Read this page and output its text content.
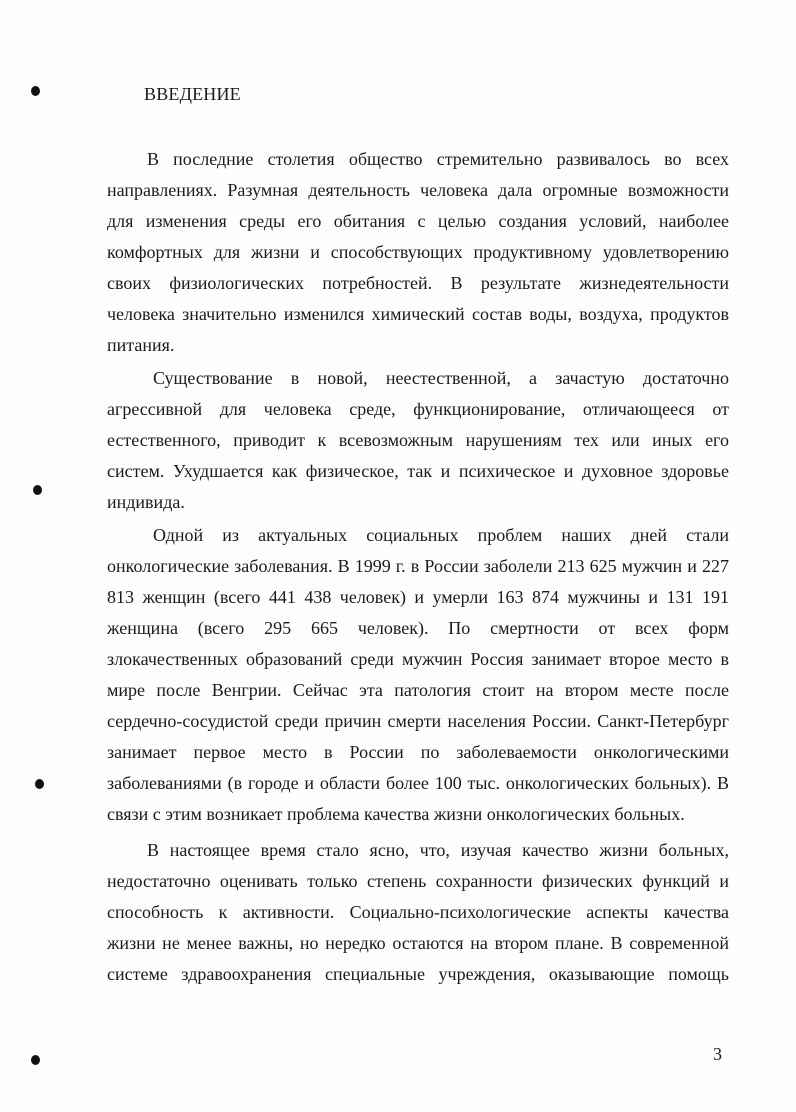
ВВЕДЕНИЕ
В последние столетия общество стремительно развивалось во всех
направлениях. Разумная деятельность человека дала огромные возможности
для изменения среды его обитания с целью создания условий, наиболее
комфортных для жизни и способствующих продуктивному удовлетворению
своих физиологических потребностей. В результате жизнедеятельности
человека значительно изменился химический состав воды, воздуха, продуктов
питания.
Существование в новой, неестественной, а зачастую достаточно
агрессивной для человека среде, функционирование, отличающееся от
естественного, приводит к всевозможным нарушениям тех или иных его
систем. Ухудшается как физическое, так и психическое и духовное здоровье
индивида.
Одной из актуальных социальных проблем наших дней стали
онкологические заболевания. В 1999 г. в России заболели 213 625 мужчин и 227
813 женщин (всего 441 438 человек) и умерли 163 874 мужчины и 131 191
женщина (всего 295 665 человек). По смертности от всех форм
злокачественных образований среди мужчин Россия занимает второе место в
мире после Венгрии. Сейчас эта патология стоит на втором месте после
сердечно-сосудистой среди причин смерти населения России. Санкт-Петербург
занимает первое место в России по заболеваемости онкологическими
заболеваниями (в городе и области более 100 тыс. онкологических больных). В
связи с этим возникает проблема качества жизни онкологических больных.
В настоящее время стало ясно, что, изучая качество жизни больных,
недостаточно оценивать только степень сохранности физических функций и
способность к активности. Социально-психологические аспекты качества
жизни не менее важны, но нередко остаются на втором плане. В современной
системе здравоохранения специальные учреждения, оказывающие помощь
3
